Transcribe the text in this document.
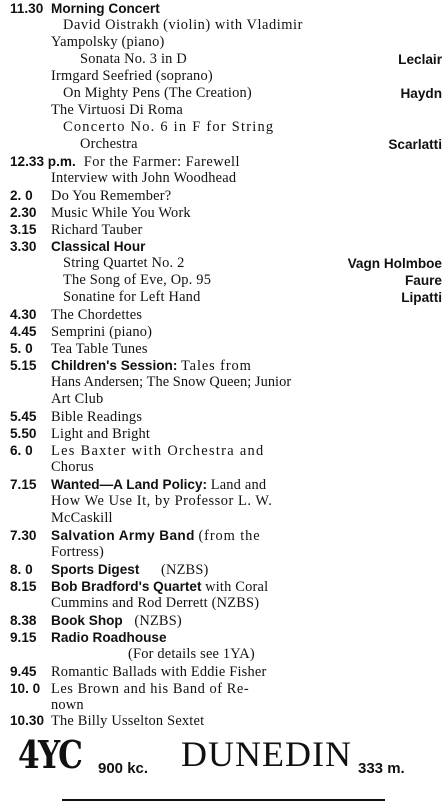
11.30 Morning Concert
David Oistrakh (violin) with Vladimir
Yampolsky (piano)
Sonata No. 3 in D	Leclair
Irmgard Seefried (soprano)
On Mighty Pens (The Creation)	Haydn
The Virtuosi Di Roma
Concerto No. 6 in F for String
Orchestra	Scarlatti
12.33 p.m. For the Farmer: Farewell
Interview with John Woodhead
2. 0 Do You Remember?
2.30 Music While You Work
3.15 Richard Tauber
3.30 Classical Hour
String Quartet No. 2	Vagn Holmboe
The Song of Eve, Op. 95	Faure
Sonatine for Left Hand	Lipatti
4.30 The Chordettes
4.45 Semprini (piano)
5. 0 Tea Table Tunes
5.15 Children's Session: Tales from
Hans Andersen; The Snow Queen; Junior
Art Club
5.45 Bible Readings
5.50 Light and Bright
6. 0 Les Baxter with Orchestra and
Chorus
7.15 Wanted—A Land Policy: Land and
How We Use It, by Professor L. W.
McCaskill
7.30 Salvation Army Band (from the
Fortress)
8. 0 Sports Digest (NZBS)
8.15 Bob Bradford's Quartet with Coral
Cummins and Rod Derrett (NZBS)
8.38 Book Shop (NZBS)
9.15 Radio Roadhouse
(For details see 1YA)
9.45 Romantic Ballads with Eddie Fisher
10. 0 Les Brown and his Band of Re-
nown
10.30 The Billy Usselton Sextet
4YC 900 kc. DUNEDIN 333 m.
